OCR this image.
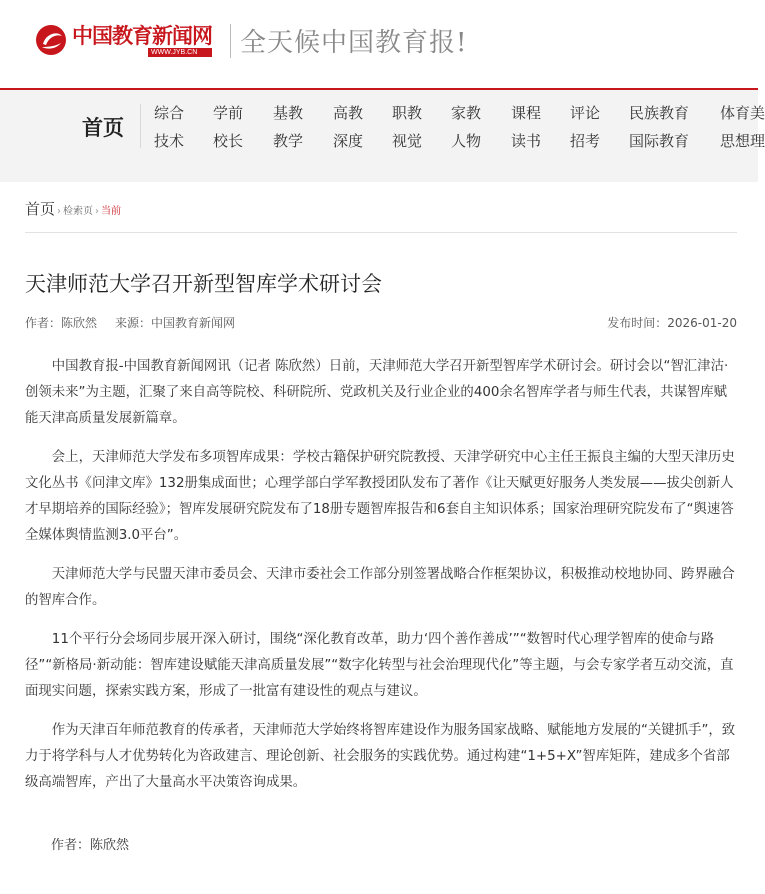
中国教育新闻网
WWW.JYB.CN	全天候中国教育报!
首页
综合	学前	基教	高教	职教	家教	课程	评论	民族教育	体育美
技术	校长	教学	深度	视觉	人物	读书	招考	国际教育	思想理
首页 › 检索页 › 当前
天津师范大学召开新型智库学术研讨会
作者：陈欣然 来源：中国教育新闻网	发布时间：2026-01-20

中国教育报-中国教育新闻网讯（记者 陈欣然）日前，天津师范大学召开新型智库学术研讨会。研讨会以“智汇津沽·创领未来”为主题，汇聚了来自高等院校、科研院所、党政机关及行业企业的400余名智库学者与师生代表，共谋智库赋能天津高质量发展新篇章。

会上，天津师范大学发布多项智库成果：学校古籍保护研究院教授、天津学研究中心主任王振良主编的大型天津历史文化丛书《问津文库》132册集成面世；心理学部白学军教授团队发布了著作《让天赋更好服务人类发展——拔尖创新人才早期培养的国际经验》；智库发展研究院发布了18册专题智库报告和6套自主知识体系；国家治理研究院发布了“舆速答全媒体舆情监测3.0平台”。

天津师范大学与民盟天津市委员会、天津市委社会工作部分别签署战略合作框架协议，积极推动校地协同、跨界融合的智库合作。

11个平行分会场同步展开深入研讨，围绕“深化教育改革，助力‘四个善作善成’”“数智时代心理学智库的使命与路径”“新格局·新动能：智库建设赋能天津高质量发展”“数字化转型与社会治理现代化”等主题，与会专家学者互动交流，直面现实问题，探索实践方案，形成了一批富有建设性的观点与建议。

作为天津百年师范教育的传承者，天津师范大学始终将智库建设作为服务国家战略、赋能地方发展的“关键抓手”，致力于将学科与人才优势转化为咨政建言、理论创新、社会服务的实践优势。通过构建“1+5+X”智库矩阵，建成多个省部级高端智库，产出了大量高水平决策咨询成果。

作者：陈欣然
